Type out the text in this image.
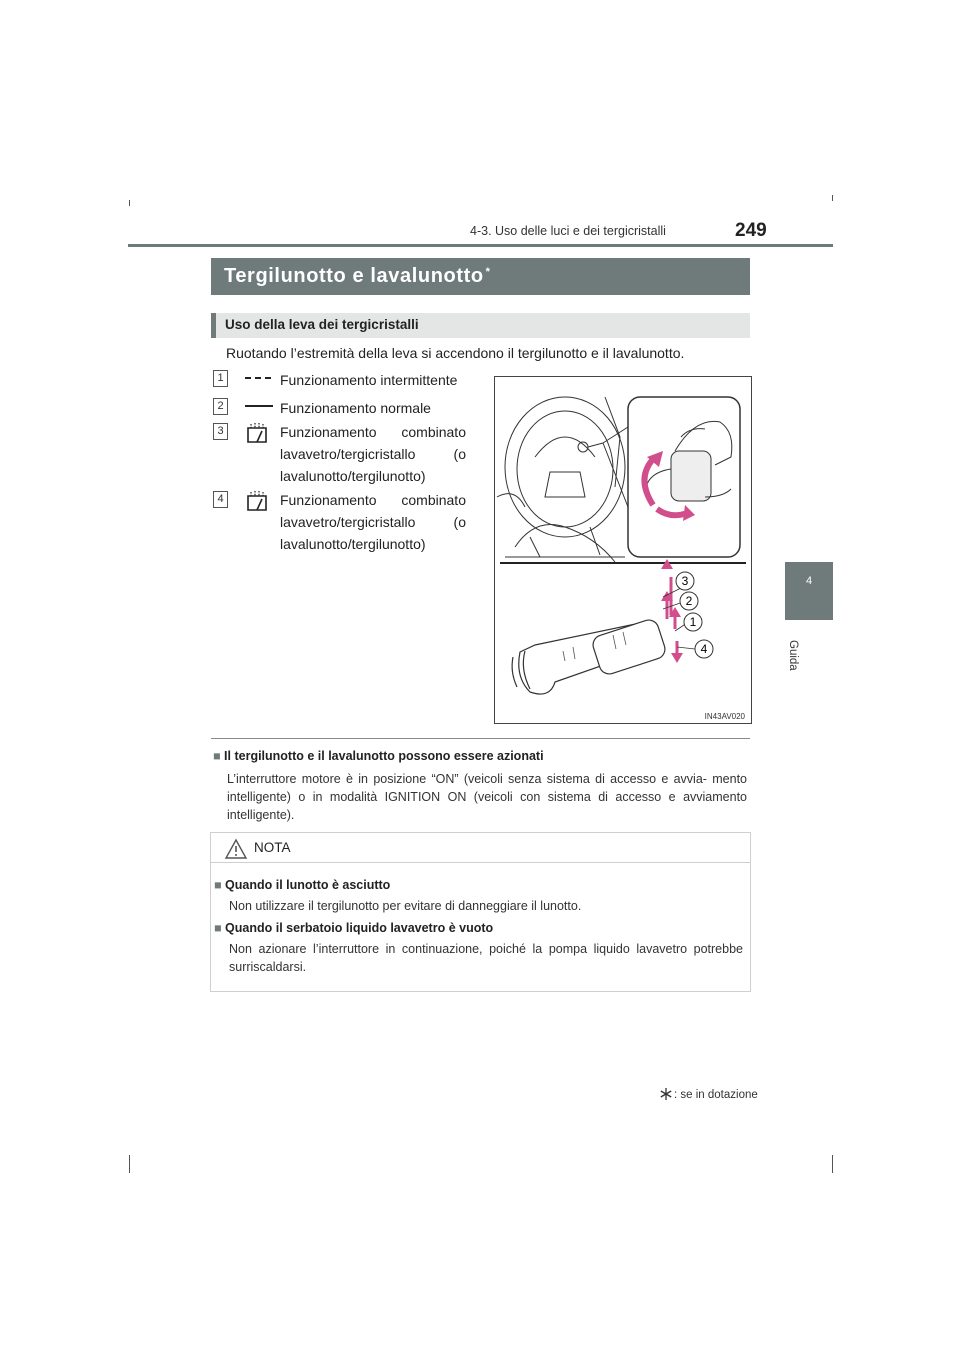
4-3. Uso delle luci e dei tergicristalli	249
4
Guida
Tergilunotto e lavalunotto *
Uso della leva dei tergicristalli
Ruotando l’estremità della leva si accendono il tergilunotto e il lavalunotto.
1	Funzionamento intermittente
2	Funzionamento normale
3	Funzionamento combinato
lavavetro/tergicristallo (o
lavalunotto/tergilunotto)
4	Funzionamento combinato
lavavetro/tergicristallo (o
lavalunotto/tergilunotto)
3
2
1
4
IN43AV020
■ Il tergilunotto e il lavalunotto possono essere azionati
L’interruttore motore è in posizione “ON” (veicoli senza sistema di accesso e avvia- mento intelligente) o in modalità IGNITION ON (veicoli con sistema di accesso e avviamento intelligente).
NOTA
■ Quando il lunotto è asciutto
Non utilizzare il tergilunotto per evitare di danneggiare il lunotto.
■ Quando il serbatoio liquido lavavetro è vuoto
Non azionare l’interruttore in continuazione, poiché la pompa liquido lavavetro potrebbe surriscaldarsi.
: se in dotazione
